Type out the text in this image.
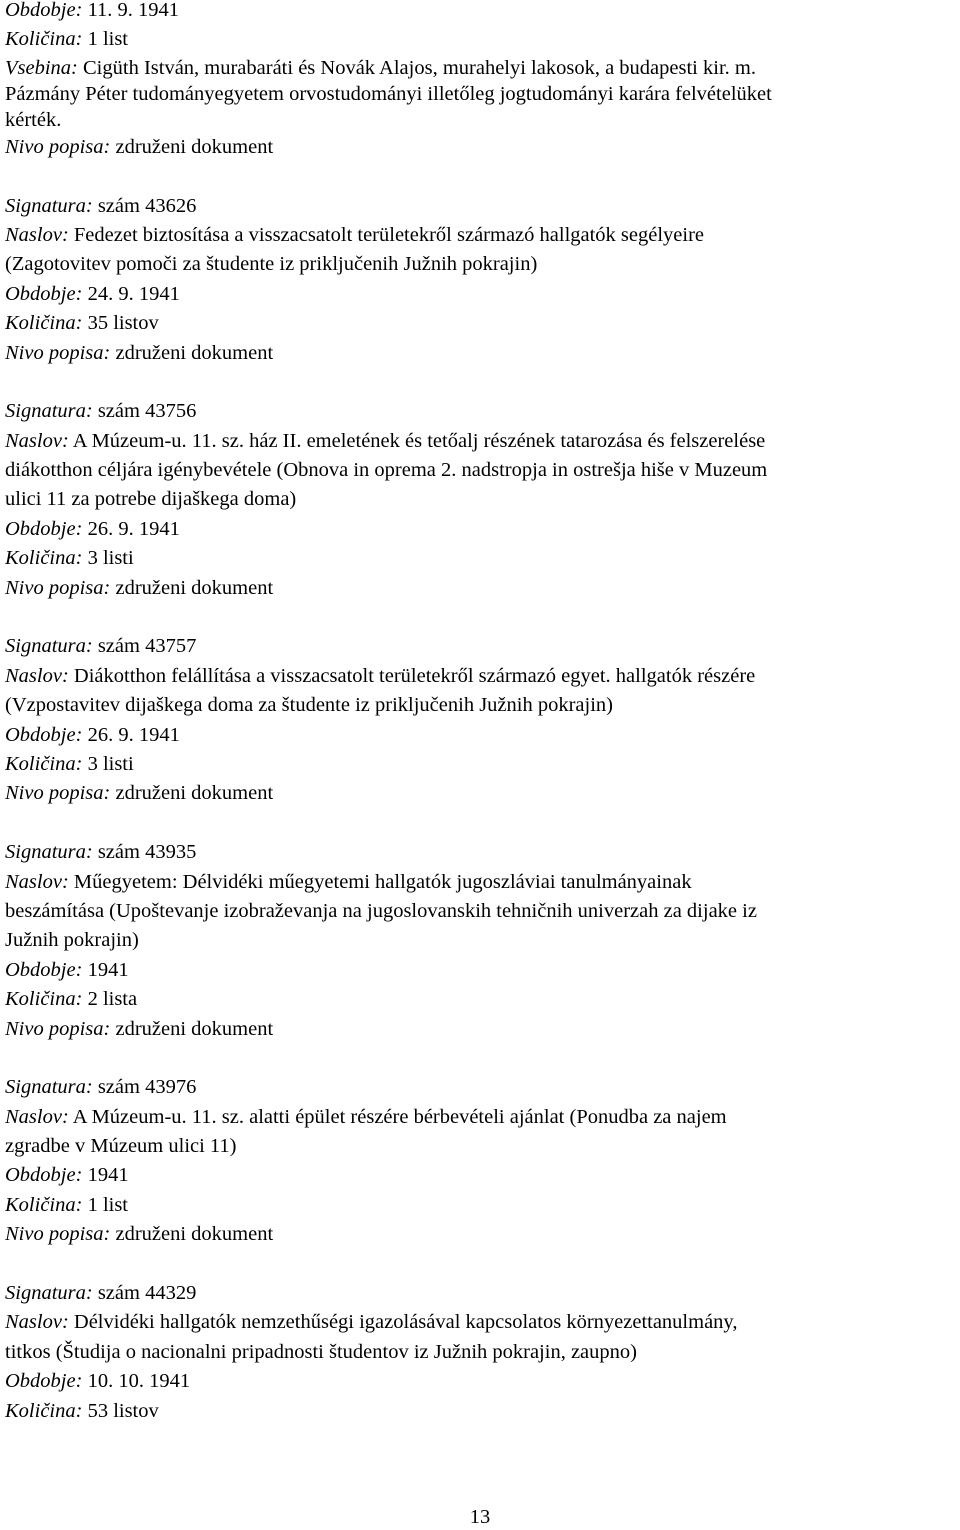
Obdobje: 11. 9. 1941
Količina: 1 list
Vsebina: Cigüth István, murabaráti és Novák Alajos, murahelyi lakosok, a budapesti kir. m.
Pázmány Péter tudományegyetem orvostudományi illetőleg jogtudományi karára felvételüket
kérték.
Nivo popisa: združeni dokument
Signatura: szám 43626
Naslov: Fedezet biztosítása a visszacsatolt területekről származó hallgatók segélyeire
(Zagotovitev pomoči za študente iz priključenih Južnih pokrajin)
Obdobje: 24. 9. 1941
Količina: 35 listov
Nivo popisa: združeni dokument
Signatura: szám 43756
Naslov: A Múzeum-u. 11. sz. ház II. emeletének és tetőalj részének tatarozása és felszerelése
diákotthon céljára igénybevétele (Obnova in oprema 2. nadstropja in ostrešja hiše v Muzeum
ulici 11 za potrebe dijaškega doma)
Obdobje: 26. 9. 1941
Količina: 3 listi
Nivo popisa: združeni dokument
Signatura: szám 43757
Naslov: Diákotthon felállítása a visszacsatolt területekről származó egyet. hallgatók részére
(Vzpostavitev dijaškega doma za študente iz priključenih Južnih pokrajin)
Obdobje: 26. 9. 1941
Količina: 3 listi
Nivo popisa: združeni dokument
Signatura: szám 43935
Naslov: Műegyetem: Délvidéki műegyetemi hallgatók jugoszláviai tanulmányainak
beszámítása (Upoštevanje izobraževanja na jugoslovanskih tehničnih univerzah za dijake iz
Južnih pokrajin)
Obdobje: 1941
Količina: 2 lista
Nivo popisa: združeni dokument
Signatura: szám 43976
Naslov: A Múzeum-u. 11. sz. alatti épület részére bérbevételi ajánlat (Ponudba za najem
zgradbe v Múzeum ulici 11)
Obdobje: 1941
Količina: 1 list
Nivo popisa: združeni dokument
Signatura: szám 44329
Naslov: Délvidéki hallgatók nemzethűségi igazolásával kapcsolatos környezettanulmány,
titkos (Študija o nacionalni pripadnosti študentov iz Južnih pokrajin, zaupno)
Obdobje: 10. 10. 1941
Količina: 53 listov
13
